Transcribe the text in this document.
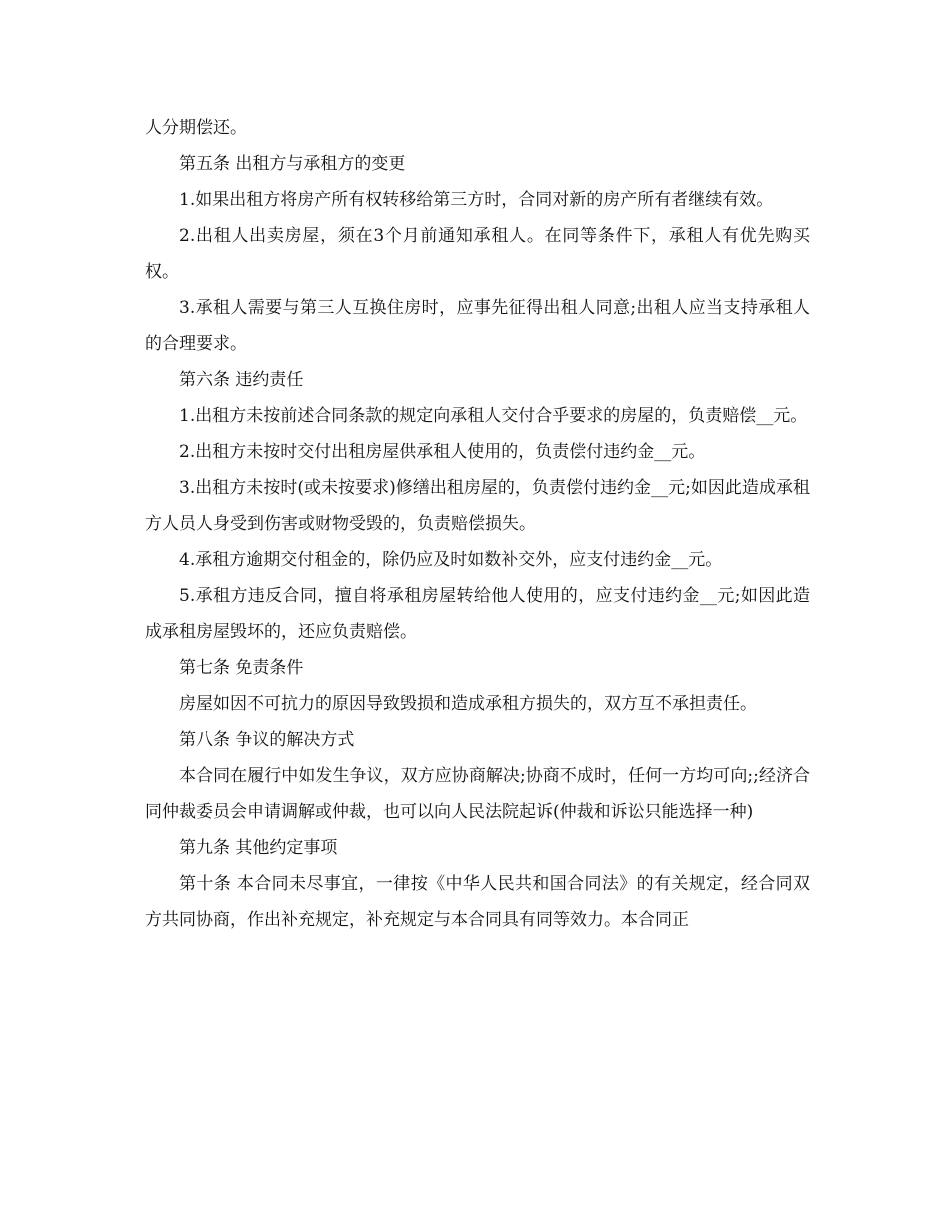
人分期偿还。

第五条 出租方与承租方的变更

1.如果出租方将房产所有权转移给第三方时，合同对新的房产所有者继续有效。

2.出租人出卖房屋，须在3个月前通知承租人。在同等条件下，承租人有优先购买权。

3.承租人需要与第三人互换住房时，应事先征得出租人同意;出租人应当支持承租人的合理要求。

第六条 违约责任

1.出租方未按前述合同条款的规定向承租人交付合乎要求的房屋的，负责赔偿__元。

2.出租方未按时交付出租房屋供承租人使用的，负责偿付违约金__元。

3.出租方未按时(或未按要求)修缮出租房屋的，负责偿付违约金__元;如因此造成承租方人员人身受到伤害或财物受毁的，负责赔偿损失。

4.承租方逾期交付租金的，除仍应及时如数补交外，应支付违约金__元。

5.承租方违反合同，擅自将承租房屋转给他人使用的，应支付违约金__元;如因此造成承租房屋毁坏的，还应负责赔偿。

第七条 免责条件

房屋如因不可抗力的原因导致毁损和造成承租方损失的，双方互不承担责任。

第八条 争议的解决方式

本合同在履行中如发生争议，双方应协商解决;协商不成时，任何一方均可向;;经济合同仲裁委员会申请调解或仲裁，也可以向人民法院起诉(仲裁和诉讼只能选择一种)

第九条 其他约定事项

第十条 本合同未尽事宜，一律按《中华人民共和国合同法》的有关规定，经合同双方共同协商，作出补充规定，补充规定与本合同具有同等效力。本合同正
